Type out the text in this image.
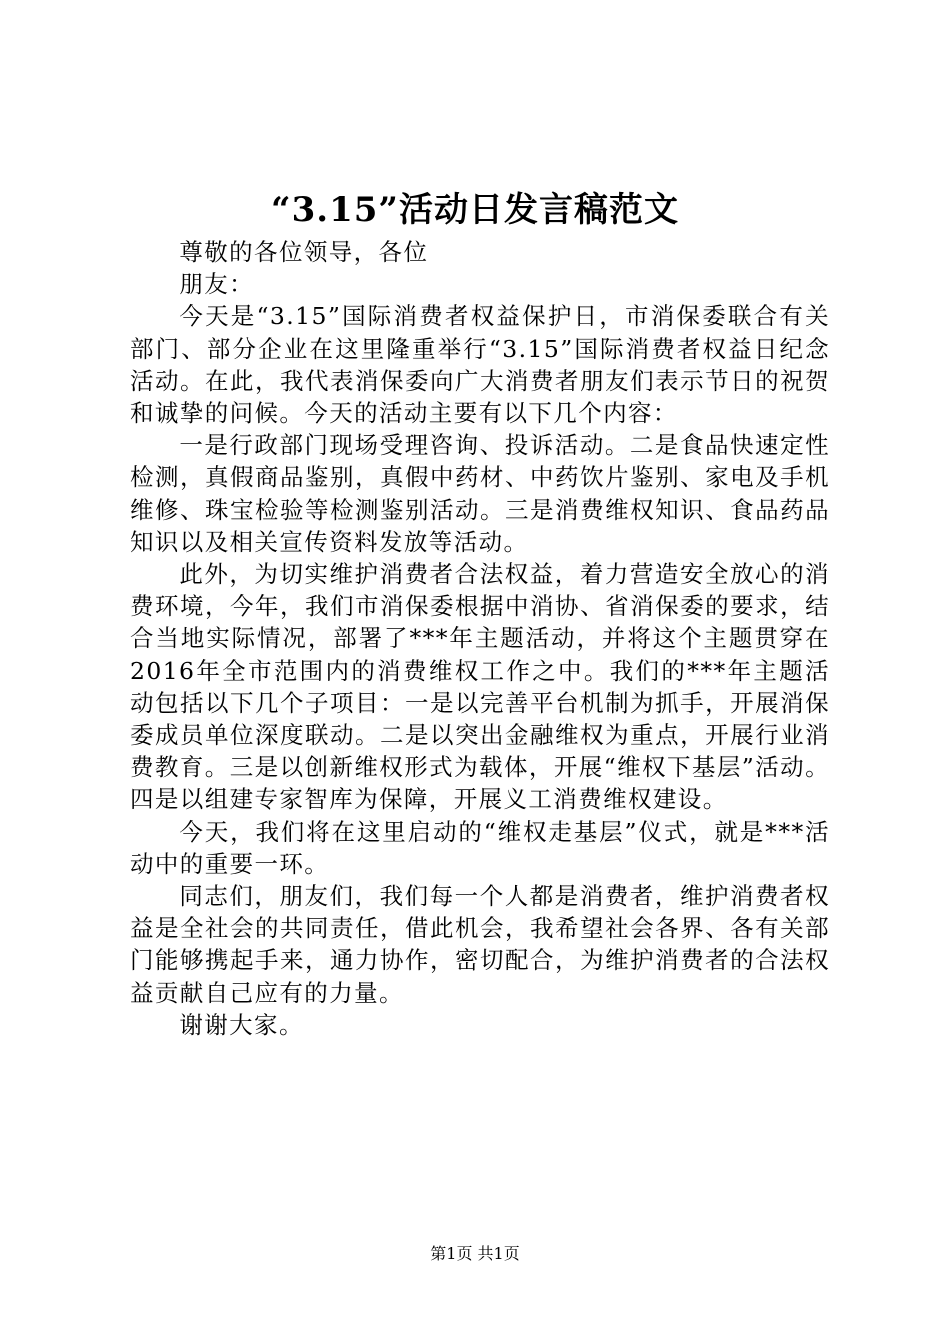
“3.15”活动日发言稿范文

尊敬的各位领导，各位

朋友：

今天是“3.15”国际消费者权益保护日，市消保委联合有关部门、部分企业在这里隆重举行“3.15”国际消费者权益日纪念活动。在此，我代表消保委向广大消费者朋友们表示节日的祝贺和诚挚的问候。今天的活动主要有以下几个内容：

一是行政部门现场受理咨询、投诉活动。二是食品快速定性检测，真假商品鉴别，真假中药材、中药饮片鉴别、家电及手机维修、珠宝检验等检测鉴别活动。三是消费维权知识、食品药品知识以及相关宣传资料发放等活动。

此外，为切实维护消费者合法权益，着力营造安全放心的消费环境，今年，我们市消保委根据中消协、省消保委的要求，结合当地实际情况，部署了***年主题活动，并将这个主题贯穿在2016年全市范围内的消费维权工作之中。我们的***年主题活动包括以下几个子项目：一是以完善平台机制为抓手，开展消保委成员单位深度联动。二是以突出金融维权为重点，开展行业消费教育。三是以创新维权形式为载体，开展“维权下基层”活动。四是以组建专家智库为保障，开展义工消费维权建设。

今天，我们将在这里启动的“维权走基层”仪式，就是***活动中的重要一环。

同志们，朋友们，我们每一个人都是消费者，维护消费者权益是全社会的共同责任，借此机会，我希望社会各界、各有关部门能够携起手来，通力协作，密切配合，为维护消费者的合法权益贡献自己应有的力量。

谢谢大家。

第1页 共1页
